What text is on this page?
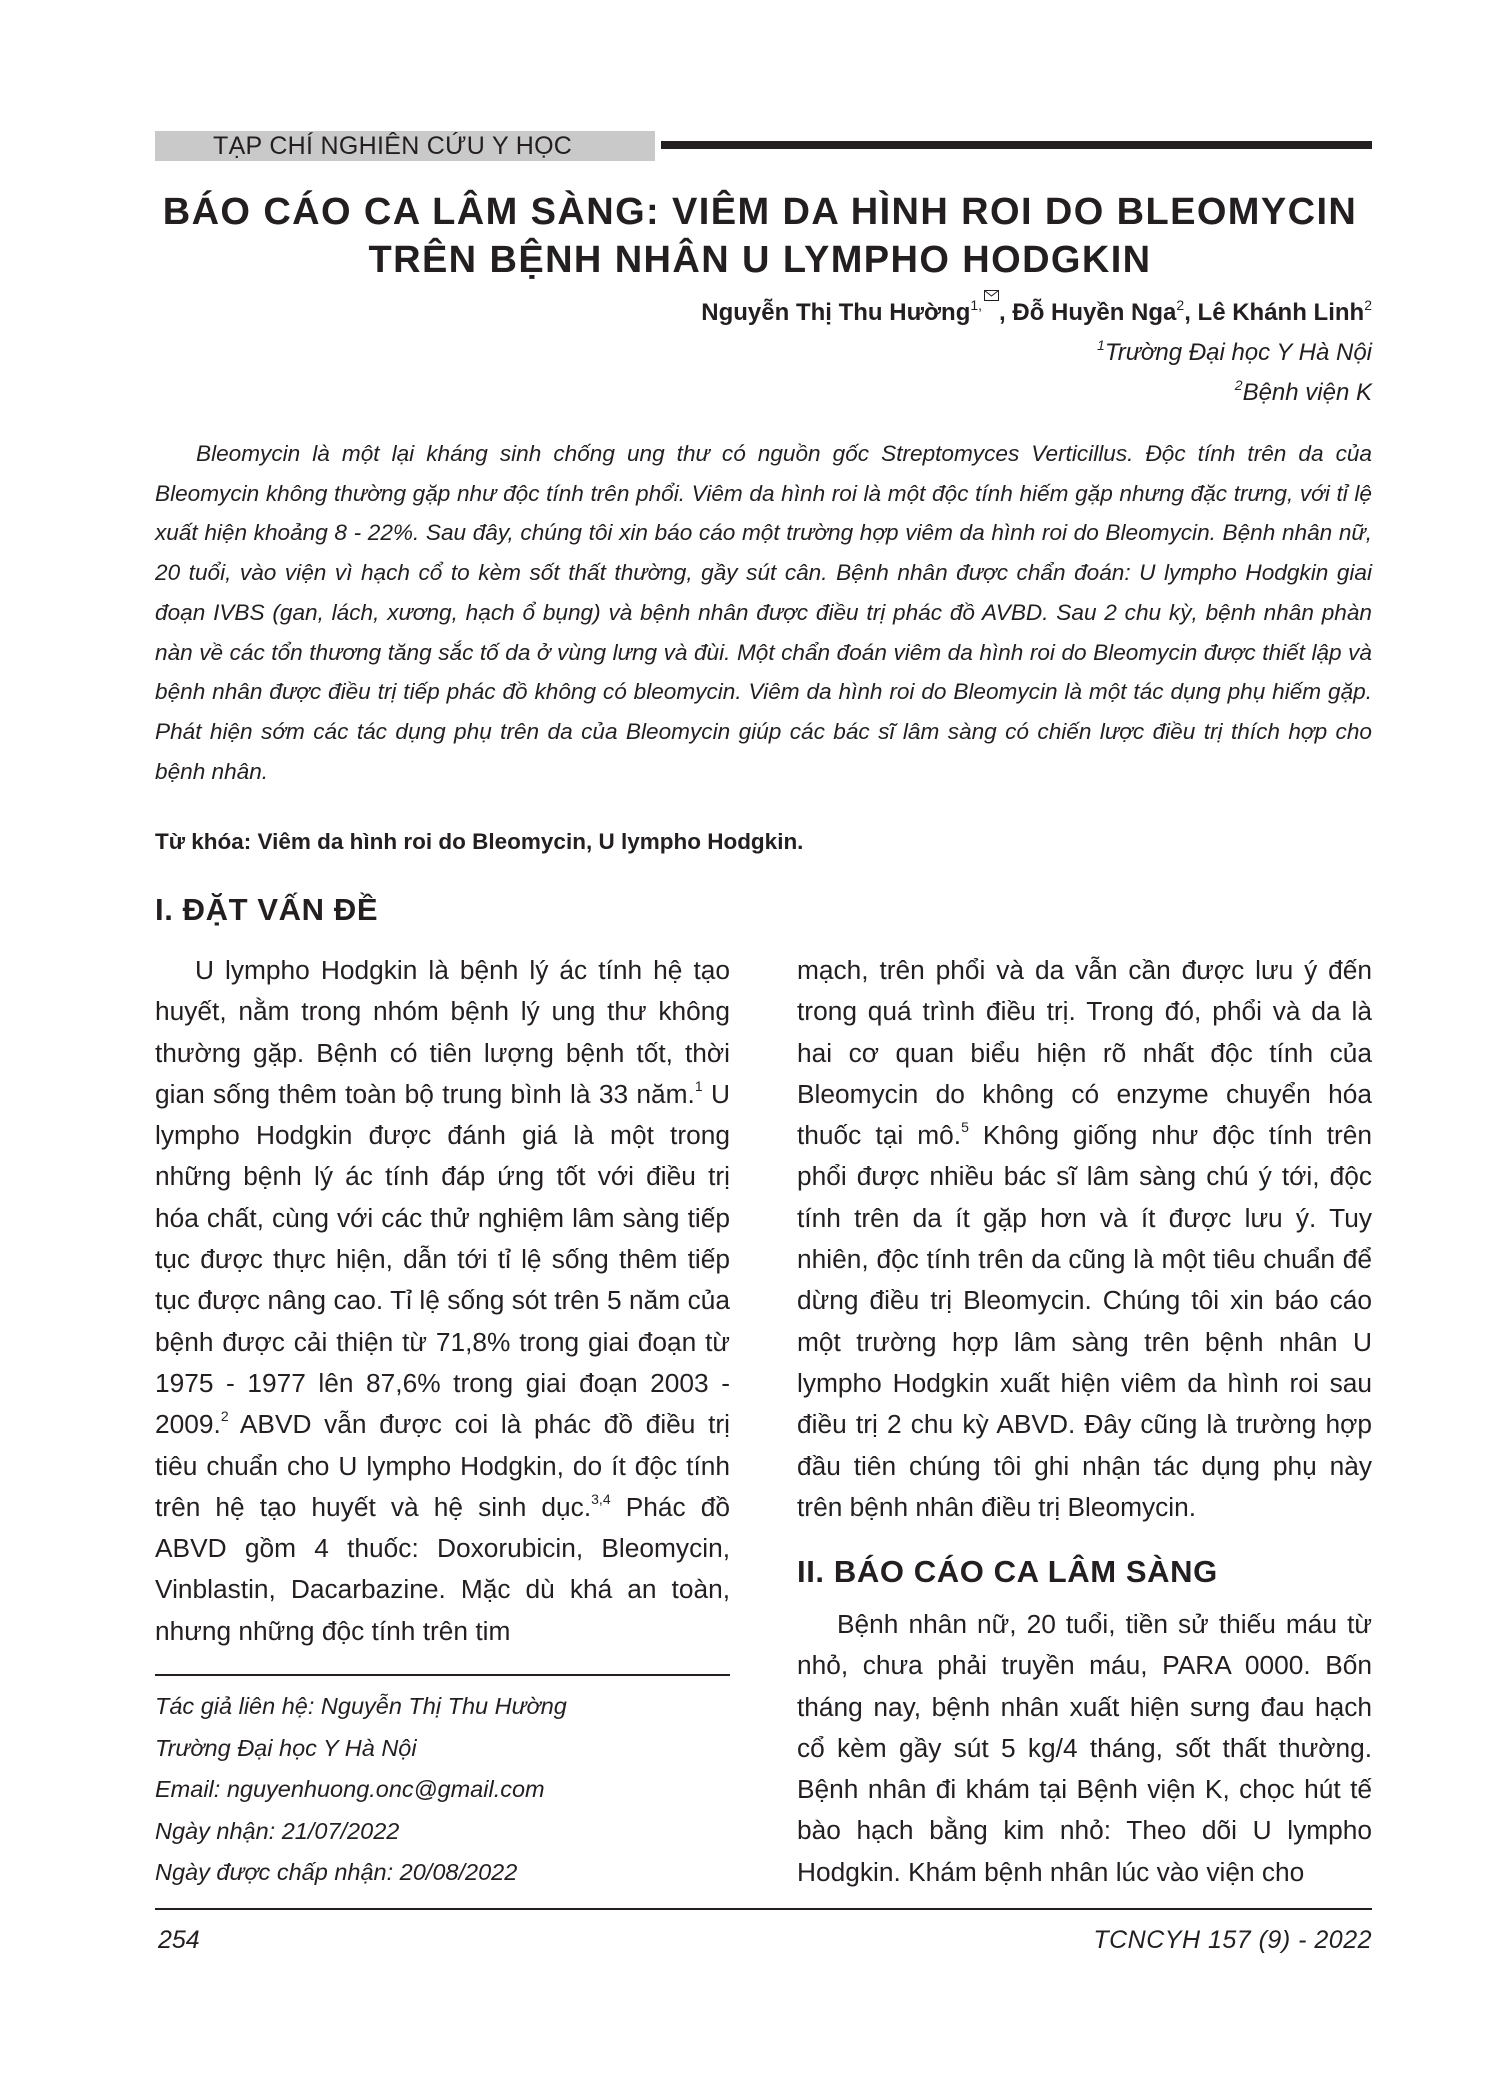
TẠP CHÍ NGHIÊN CỨU Y HỌC
BÁO CÁO CA LÂM SÀNG: VIÊM DA HÌNH ROI DO BLEOMYCIN
TRÊN BỆNH NHÂN U LYMPHO HODGKIN
Nguyễn Thị Thu Hường$^{1,}$ , Đỗ Huyền Nga$^2$, Lê Khánh Linh$^2$
$^1$Trường Đại học Y Hà Nội
$^2$Bệnh viện K

Bleomycin là một lại kháng sinh chống ung thư có nguồn gốc Streptomyces Verticillus. Độc tính trên da của Bleomycin không thường gặp như độc tính trên phổi. Viêm da hình roi là một độc tính hiếm gặp nhưng đặc trưng, với tỉ lệ xuất hiện khoảng 8 - 22%. Sau đây, chúng tôi xin báo cáo một trường hợp viêm da hình roi do Bleomycin. Bệnh nhân nữ, 20 tuổi, vào viện vì hạch cổ to kèm sốt thất thường, gầy sút cân. Bệnh nhân được chẩn đoán: U lympho Hodgkin giai đoạn IVBS (gan, lách, xương, hạch ổ bụng) và bệnh nhân được điều trị phác đồ AVBD. Sau 2 chu kỳ, bệnh nhân phàn nàn về các tổn thương tăng sắc tố da ở vùng lưng và đùi. Một chẩn đoán viêm da hình roi do Bleomycin được thiết lập và bệnh nhân được điều trị tiếp phác đồ không có bleomycin. Viêm da hình roi do Bleomycin là một tác dụng phụ hiếm gặp. Phát hiện sớm các tác dụng phụ trên da của Bleomycin giúp các bác sĩ lâm sàng có chiến lược điều trị thích hợp cho bệnh nhân.

Từ khóa: Viêm da hình roi do Bleomycin, U lympho Hodgkin.
I. ĐẶT VẤN ĐỀ

U lympho Hodgkin là bệnh lý ác tính hệ tạo huyết, nằm trong nhóm bệnh lý ung thư không thường gặp. Bệnh có tiên lượng bệnh tốt, thời gian sống thêm toàn bộ trung bình là 33 năm.$^1$ U lympho Hodgkin được đánh giá là một trong những bệnh lý ác tính đáp ứng tốt với điều trị hóa chất, cùng với các thử nghiệm lâm sàng tiếp tục được thực hiện, dẫn tới tỉ lệ sống thêm tiếp tục được nâng cao. Tỉ lệ sống sót trên 5 năm của bệnh được cải thiện từ 71,8% trong giai đoạn từ 1975 - 1977 lên 87,6% trong giai đoạn 2003 - 2009.$^2$ ABVD vẫn được coi là phác đồ điều trị tiêu chuẩn cho U lympho Hodgkin, do ít độc tính trên hệ tạo huyết và hệ sinh dục.$^{3,4}$ Phác đồ ABVD gồm 4 thuốc: Doxorubicin, Bleomycin, Vinblastin, Dacarbazine. Mặc dù khá an toàn, nhưng những độc tính trên tim

mạch, trên phổi và da vẫn cần được lưu ý đến trong quá trình điều trị. Trong đó, phổi và da là hai cơ quan biểu hiện rõ nhất độc tính của Bleomycin do không có enzyme chuyển hóa thuốc tại mô.$^5$ Không giống như độc tính trên phổi được nhiều bác sĩ lâm sàng chú ý tới, độc tính trên da ít gặp hơn và ít được lưu ý. Tuy nhiên, độc tính trên da cũng là một tiêu chuẩn để dừng điều trị Bleomycin. Chúng tôi xin báo cáo một trường hợp lâm sàng trên bệnh nhân U lympho Hodgkin xuất hiện viêm da hình roi sau điều trị 2 chu kỳ ABVD. Đây cũng là trường hợp đầu tiên chúng tôi ghi nhận tác dụng phụ này trên bệnh nhân điều trị Bleomycin.

II. BÁO CÁO CA LÂM SÀNG

Bệnh nhân nữ, 20 tuổi, tiền sử thiếu máu từ nhỏ, chưa phải truyền máu, PARA 0000. Bốn tháng nay, bệnh nhân xuất hiện sưng đau hạch cổ kèm gầy sút 5 kg/4 tháng, sốt thất thường. Bệnh nhân đi khám tại Bệnh viện K, chọc hút tế bào hạch bằng kim nhỏ: Theo dõi U lympho Hodgkin. Khám bệnh nhân lúc vào viện cho

Tác giả liên hệ: Nguyễn Thị Thu Hường
Trường Đại học Y Hà Nội
Email: nguyenhuong.onc@gmail.com
Ngày nhận: 21/07/2022
Ngày được chấp nhận: 20/08/2022
254	TCNCYH 157 (9) - 2022
